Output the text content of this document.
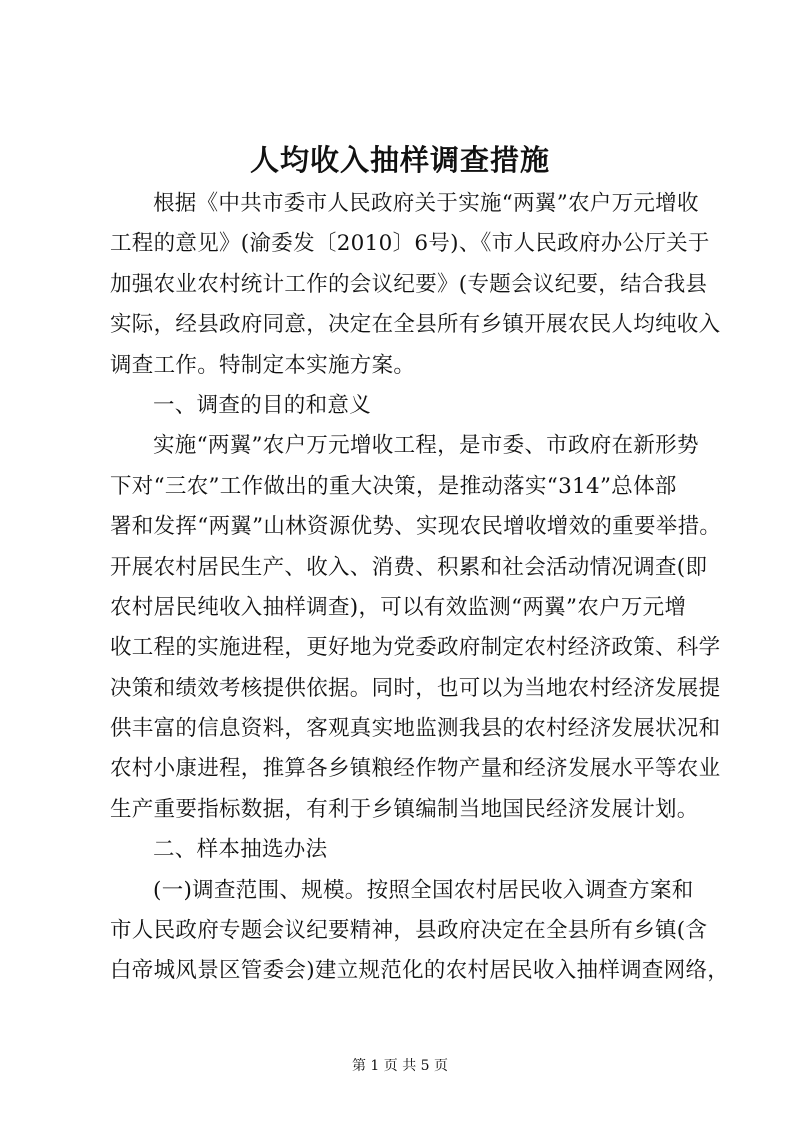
人均收入抽样调查措施
根据《中共市委市人民政府关于实施“两翼”农户万元增收
工程的意见》(渝委发〔2010〕6号)、《市人民政府办公厅关于
加强农业农村统计工作的会议纪要》(专题会议纪要，结合我县
实际，经县政府同意，决定在全县所有乡镇开展农民人均纯收入
调查工作。特制定本实施方案。
一、调查的目的和意义
实施“两翼”农户万元增收工程，是市委、市政府在新形势
下对“三农”工作做出的重大决策，是推动落实“314”总体部
署和发挥“两翼”山林资源优势、实现农民增收增效的重要举措。
开展农村居民生产、收入、消费、积累和社会活动情况调查(即
农村居民纯收入抽样调查)，可以有效监测“两翼”农户万元增
收工程的实施进程，更好地为党委政府制定农村经济政策、科学
决策和绩效考核提供依据。同时，也可以为当地农村经济发展提
供丰富的信息资料，客观真实地监测我县的农村经济发展状况和
农村小康进程，推算各乡镇粮经作物产量和经济发展水平等农业
生产重要指标数据，有利于乡镇编制当地国民经济发展计划。
二、样本抽选办法
(一)调查范围、规模。按照全国农村居民收入调查方案和
市人民政府专题会议纪要精神，县政府决定在全县所有乡镇(含
白帝城风景区管委会)建立规范化的农村居民收入抽样调查网络，
第 1 页 共 5 页
